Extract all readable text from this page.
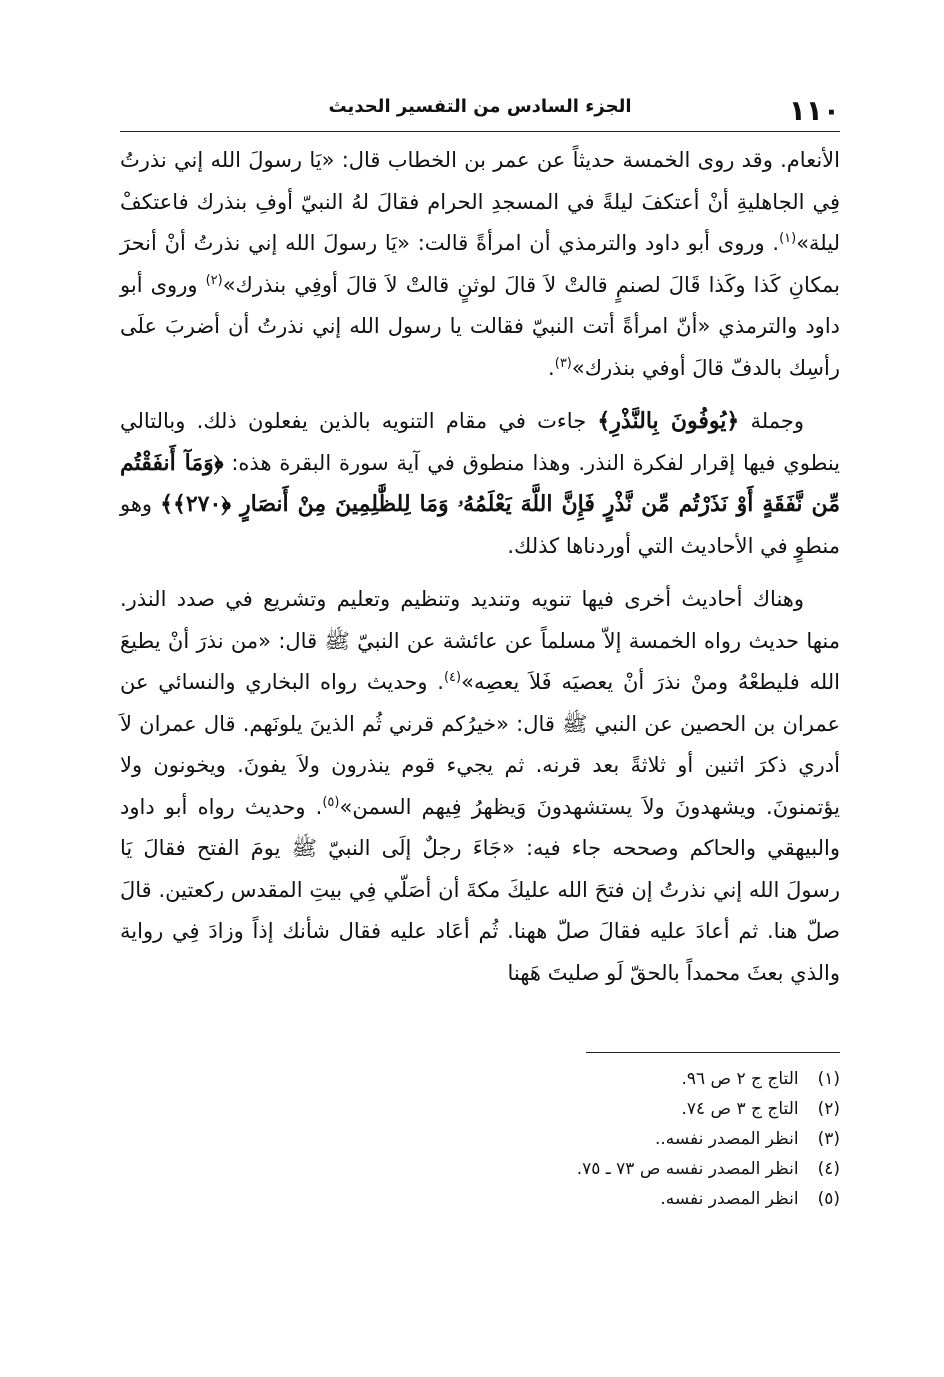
١١٠
الجزء السادس من التفسير الحديث

الأنعام. وقد روى الخمسة حديثاً عن عمر بن الخطاب قال: «يَا رسولَ الله إني نذرتُ فِي الجاهليةِ أنْ أعتكفَ ليلةً في المسجدِ الحرام فقالَ لهُ النبيّ أوفِ بنذرك فاعتكفْ ليلة»$^{(١)}$. وروى أبو داود والترمذي أن امرأةً قالت: «يَا رسولَ الله إني نذرتُ أنْ أنحرَ بمكانِ كَذا وكَذا قَالَ لصنمٍ قالتْ لاَ قالَ لوثنٍ قالتْ لاَ قالَ أوفِي بنذرك»$^{(٢)}$ وروى أبو داود والترمذي «أنّ امرأةً أتت النبيّ فقالت يا رسول الله إني نذرتُ أن أضربَ علَى رأسِك بالدفّ قالَ أوفي بنذرك»$^{(٣)}$.

وجملة ﴿يُوفُونَ بِالنَّذْرِ﴾ جاءت في مقام التنويه بالذين يفعلون ذلك. وبالتالي ينطوي فيها إقرار لفكرة النذر. وهذا منطوق في آية سورة البقرة هذه: ﴿وَمَآ أَنفَقْتُم مِّن نَّفَقَةٍ أَوْ نَذَرْتُم مِّن نَّذْرٍ فَإِنَّ اللَّهَ يَعْلَمُهُۥ وَمَا لِلظَّٰلِمِينَ مِنْ أَنصَارٍ ﴿٢٧٠﴾﴾ وهو منطوٍ في الأحاديث التي أوردناها كذلك.

وهناك أحاديث أخرى فيها تنويه وتنديد وتنظيم وتعليم وتشريع في صدد النذر. منها حديث رواه الخمسة إلاّ مسلماً عن عائشة عن النبيّ ﷺ قال: «من نذرَ أنْ يطيعَ الله فليطعْهُ ومنْ نذرَ أنْ يعصيَه فَلاَ يعصِه»$^{(٤)}$. وحديث رواه البخاري والنسائي عن عمران بن الحصين عن النبي ﷺ قال: «خيرُكم قرني ثُم الذينَ يلونَهم. قال عمران لاَ أدري ذكرَ اثنين أو ثلاثةً بعد قرنه. ثم يجيء قوم ينذرون ولاَ يفونَ. ويخونون ولا يؤتمنونَ. ويشهدونَ ولاَ يستشهدونَ وَيظهرُ فِيهم السمن»$^{(٥)}$. وحديث رواه أبو داود والبيهقي والحاكم وصححه جاء فيه: «جَاءَ رجلٌ إلَى النبيّ ﷺ يومَ الفتح فقالَ يَا رسولَ الله إني نذرتُ إن فتحَ الله عليكَ مكةَ أن أصَلّي فِي بيتِ المقدس ركعتين. قالَ صلّ هنا. ثم أعادَ عليه فقالَ صلّ ههنا. ثُم أعَاد عليه فقال شأنك إذاً وزادَ فِي رواية والذي بعثَ محمداً بالحقّ لَو صليتَ هَهنا

(١) التاج ج ٢ ص ٩٦.
(٢) التاج ج ٣ ص ٧٤.
(٣) انظر المصدر نفسه..
(٤) انظر المصدر نفسه ص ٧٣ ـ ٧٥.
(٥) انظر المصدر نفسه.
